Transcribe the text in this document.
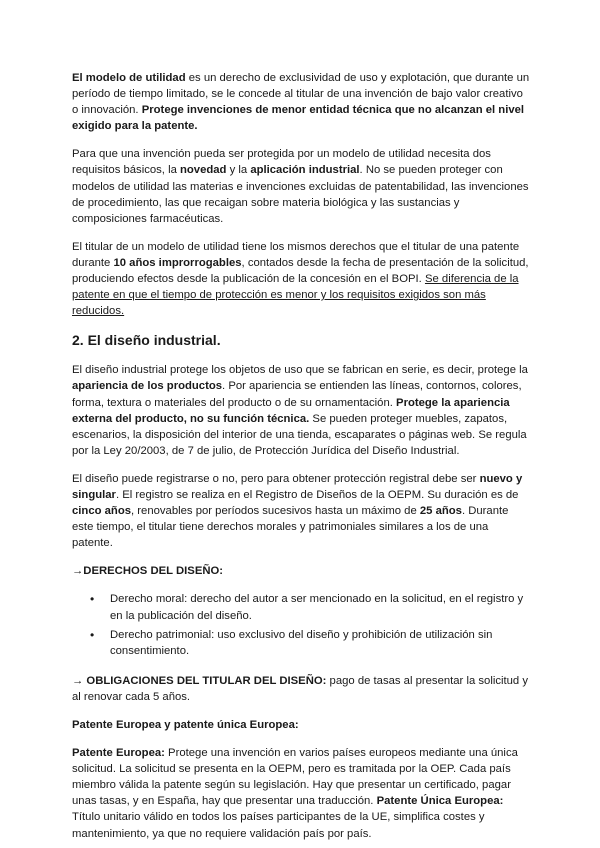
El modelo de utilidad es un derecho de exclusividad de uso y explotación, que durante un período de tiempo limitado, se le concede al titular de una invención de bajo valor creativo o innovación. Protege invenciones de menor entidad técnica que no alcanzan el nivel exigido para la patente.

Para que una invención pueda ser protegida por un modelo de utilidad necesita dos requisitos básicos, la novedad y la aplicación industrial. No se pueden proteger con modelos de utilidad las materias e invenciones excluidas de patentabilidad, las invenciones de procedimiento, las que recaigan sobre materia biológica y las sustancias y composiciones farmacéuticas.

El titular de un modelo de utilidad tiene los mismos derechos que el titular de una patente durante 10 años improrrogables, contados desde la fecha de presentación de la solicitud, produciendo efectos desde la publicación de la concesión en el BOPI. Se diferencia de la patente en que el tiempo de protección es menor y los requisitos exigidos son más reducidos.

2. El diseño industrial.

El diseño industrial protege los objetos de uso que se fabrican en serie, es decir, protege la apariencia de los productos. Por apariencia se entienden las líneas, contornos, colores, forma, textura o materiales del producto o de su ornamentación. Protege la apariencia externa del producto, no su función técnica. Se pueden proteger muebles, zapatos, escenarios, la disposición del interior de una tienda, escaparates o páginas web. Se regula por la Ley 20/2003, de 7 de julio, de Protección Jurídica del Diseño Industrial.

El diseño puede registrarse o no, pero para obtener protección registral debe ser nuevo y singular. El registro se realiza en el Registro de Diseños de la OEPM. Su duración es de cinco años, renovables por períodos sucesivos hasta un máximo de 25 años. Durante este tiempo, el titular tiene derechos morales y patrimoniales similares a los de una patente.

→DERECHOS DEL DISEÑO:
• Derecho moral: derecho del autor a ser mencionado en la solicitud, en el registro y en la publicación del diseño.
• Derecho patrimonial: uso exclusivo del diseño y prohibición de utilización sin consentimiento.

→ OBLIGACIONES DEL TITULAR DEL DISEÑO: pago de tasas al presentar la solicitud y al renovar cada 5 años.

Patente Europea y patente única Europea:

Patente Europea: Protege una invención en varios países europeos mediante una única solicitud. La solicitud se presenta en la OEPM, pero es tramitada por la OEP. Cada país miembro válida la patente según su legislación. Hay que presentar un certificado, pagar unas tasas, y en España, hay que presentar una traducción. Patente Única Europea: Título unitario válido en todos los países participantes de la UE, simplifica costes y mantenimiento, ya que no requiere validación país por país.
